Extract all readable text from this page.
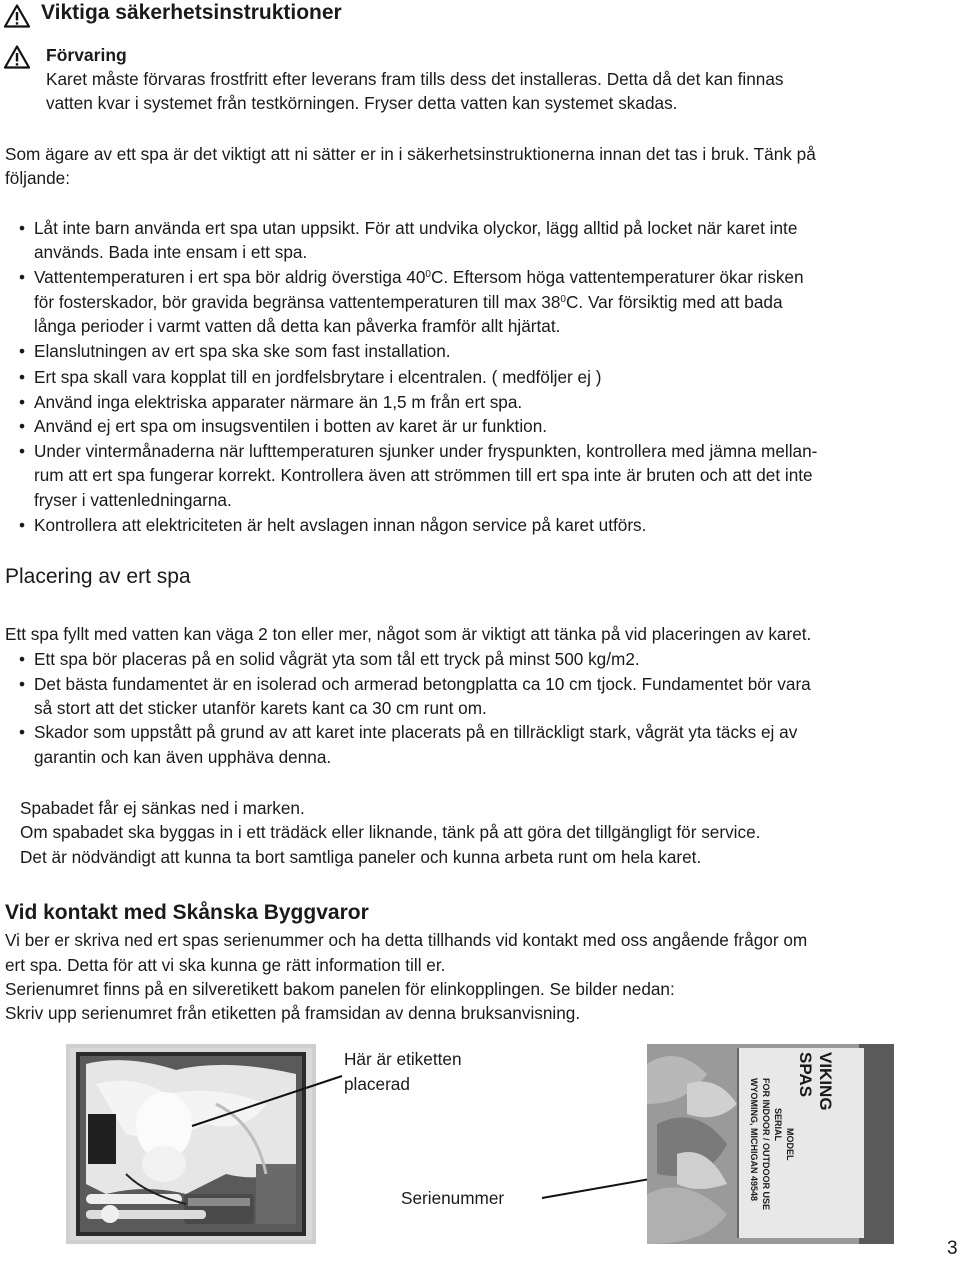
Viktiga säkerhetsinstruktioner
Förvaring
Karet måste förvaras frostfritt efter leverans fram tills dess det installeras. Detta då det kan finnas
vatten kvar i systemet från testkörningen. Fryser detta vatten kan systemet skadas.
Som ägare av ett spa är det viktigt att ni sätter er in i säkerhetsinstruktionerna innan det tas i bruk. Tänk på
följande:
• Låt inte barn använda ert spa utan uppsikt. För att undvika olyckor, lägg alltid på locket när karet inte
används. Bada inte ensam i ett spa.
• Vattentemperaturen i ert spa bör aldrig överstiga $40^0C$. Eftersom höga vattentemperaturer ökar risken
för fosterskador, bör gravida begränsa vattentemperaturen till $\max 38^0C$. Var försiktig med att bada
långa perioder i varmt vatten då detta kan påverka framför allt hjärtat.
• Elanslutningen av ert spa ska ske som fast installation.
• Ert spa skall vara kopplat till en jordfelsbrytare i elcentralen. ( medföljer ej )
• Använd inga elektriska apparater närmare än 1,5 m från ert spa.
• Använd ej ert spa om insugsventilen i botten av karet är ur funktion.
• Under vintermånaderna när lufttemperaturen sjunker under fryspunkten, kontrollera med jämna mellan-
rum att ert spa fungerar korrekt. Kontrollera även att strömmen till ert spa inte är bruten och att det inte
fryser i vattenledningarna.
• Kontrollera att elektriciteten är helt avslagen innan någon service på karet utförs.
Placering av ert spa
Ett spa fyllt med vatten kan väga 2 ton eller mer, något som är viktigt att tänka på vid placeringen av karet.
• Ett spa bör placeras på en solid vågrät yta som tål ett tryck på minst 500 kg/m2.
• Det bästa fundamentet är en isolerad och armerad betongplatta ca 10 cm tjock. Fundamentet bör vara
så stort att det sticker utanför karets kant ca 30 cm runt om.
• Skador som uppstått på grund av att karet inte placerats på en tillräckligt stark, vågrät yta täcks ej av
garantin och kan även upphäva denna.
Spabadet får ej sänkas ned i marken.
Om spabadet ska byggas in i ett trädäck eller liknande, tänk på att göra det tillgängligt för service.
Det är nödvändigt att kunna ta bort samtliga paneler och kunna arbeta runt om hela karet.
Vid kontakt med Skånska Byggvaror
Vi ber er skriva ned ert spas serienummer och ha detta tillhands vid kontakt med oss angående frågor om
ert spa. Detta för att vi ska kunna ge rätt information till er.
Serienumret finns på en silveretikett bakom panelen för elinkopplingen. Se bilder nedan:
Skriv upp serienumret från etiketten på framsidan av denna bruksanvisning.
Här är etiketten
placerad
Serienummer
VIKING
SPAS
MODEL
SERIAL
FOR INDOOR / OUTDOOR USE
WYOMING, MICHIGAN 49548
3
